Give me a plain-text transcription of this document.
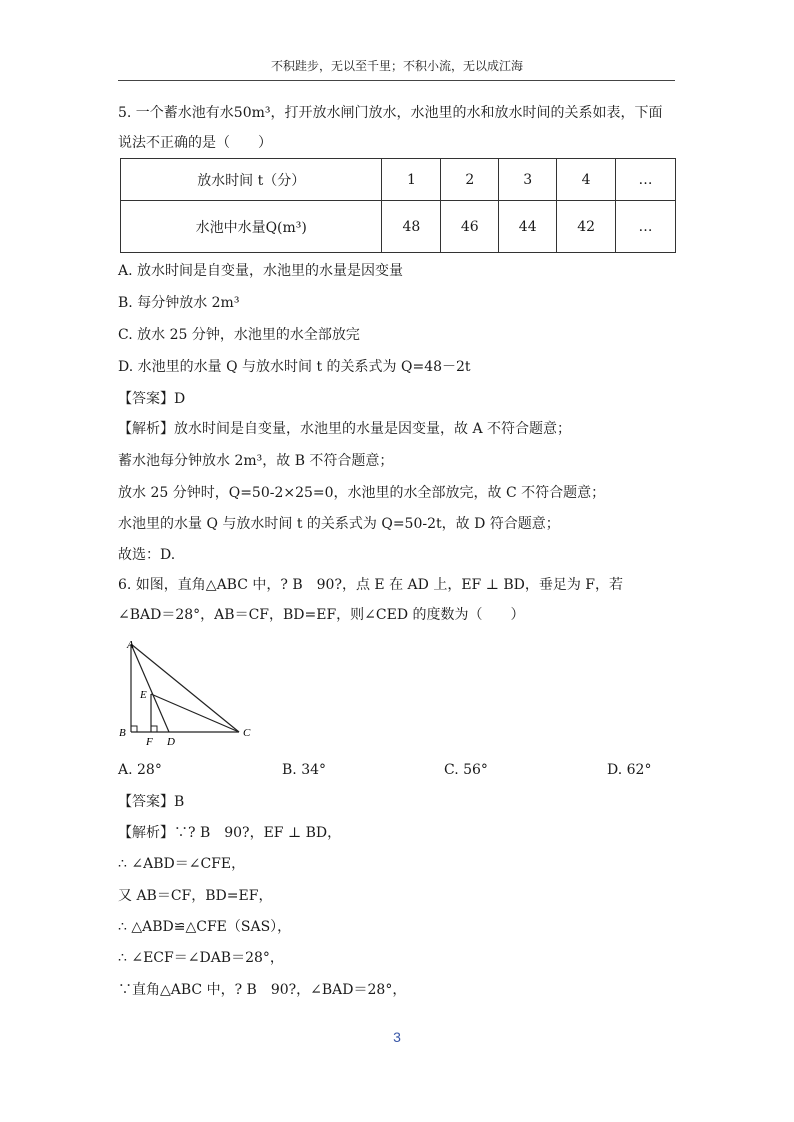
不积跬步，无以至千里；不积小流，无以成江海
5. 一个蓄水池有水50m³，打开放水闸门放水，水池里的水和放水时间的关系如表，下面
说法不正确的是（　　）
放水时间 t（分）	1	2	3	4	…
水池中水量Q(m³)	48	46	44	42	…
A. 放水时间是自变量，水池里的水量是因变量
B. 每分钟放水 2m³
C. 放水 25 分钟，水池里的水全部放完
D. 水池里的水量 Q 与放水时间 t 的关系式为 Q=48－2t
【答案】D
【解析】放水时间是自变量，水池里的水量是因变量，故 A 不符合题意；
蓄水池每分钟放水 2m³，故 B 不符合题意；
放水 25 分钟时，Q=50-2×25=0，水池里的水全部放完，故 C 不符合题意；
水池里的水量 Q 与放水时间 t 的关系式为 Q=50-2t，故 D 符合题意；
故选：D.
6. 如图，直角△ABC 中，? B　90?，点 E 在 AD 上，EF ⊥ BD，垂足为 F，若
∠BAD＝28°，AB＝CF，BD=EF，则∠CED 的度数为（　　）
A
B	C
D
E
F
A. 28°	B. 34°	C. 56°	D. 62°
【答案】B
【解析】∵? B　90?，EF ⊥ BD，
∴ ∠ABD＝∠CFE，
又 AB＝CF，BD=EF，
∴ △ABD≌△CFE（SAS），
∴ ∠ECF＝∠DAB＝28°，
∵直角△ABC 中，? B　90?，∠BAD＝28°，
3
